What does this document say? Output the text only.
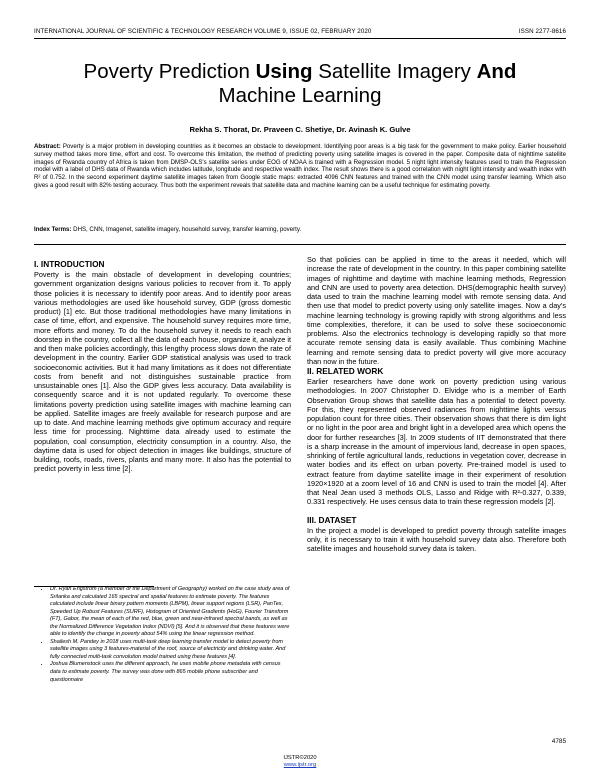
INTERNATIONAL JOURNAL OF SCIENTIFIC & TECHNOLOGY RESEARCH VOLUME 9, ISSUE 02, FEBRUARY 2020	ISSN 2277-8616
Poverty Prediction Using Satellite Imagery And
Machine Learning
Rekha S. Thorat, Dr. Praveen C. Shetiye, Dr. Avinash K. Gulve
Abstract: Poverty is a major problem in developing countries as it becomes an obstacle to development. Identifying poor areas is a big task for the government to make policy. Earlier household survey method takes more time, effort and cost. To overcome this limitation, the method of predicting poverty using satellite images is covered in the paper. Composite data of nighttime satellite images of Rwanda country of Africa is taken from DMSP-OLS's satellite series under EOG of NOAA is trained with a Regression model. 5 night light intensity features used to train the Regression model with a label of DHS data of Rwanda which includes latitude, longitude and respective wealth index. The result shows there is a good correlation with night light intensity and wealth index with R² of 0.752. In the second experiment daytime satellite images taken from Google static maps: extracted 4096 CNN features and trained with the CNN model using transfer learning. Which also gives a good result with 82% testing accuracy. Thus both the experiment reveals that satellite data and machine learning can be a useful technique for estimating poverty.
Index Terms: DHS, CNN, Imagenet, satellite imagery, household survey, transfer learning, poverty.
I. INTRODUCTION

Poverty is the main obstacle of development in developing countries; government organization designs various policies to recover from it. To apply those policies it is necessary to identify poor areas. And to identify poor areas various methodologies are used like household survey, GDP (gross domestic product) [1] etc. But those traditional methodologies have many limitations in case of time, effort, and expensive. The household survey requires more time, more efforts and money. To do the household survey it needs to reach each doorstep in the country, collect all the data of each house, organize it, analyze it and then make policies accordingly, this lengthy process slows down the rate of development in the country. Earlier GDP statistical analysis was used to track socioeconomic activities. But it had many limitations as it does not differentiate costs from benefit and not distinguishes sustainable practice from unsustainable ones [1]. Also the GDP gives less accuracy. Data availability is consequently scarce and it is not updated regularly. To overcome these limitations poverty prediction using satellite images with machine learning can be applied. Satellite images are freely available for research purpose and are up to date. And machine learning methods give optimum accuracy and require less time for processing. Nighttime data already used to estimate the population, coal consumption, electricity consumption in a country. Also, the daytime data is used for object detection in images like buildings, structure of building, roofs, roads, rivers, plants and many more. It also has the potential to predict poverty in less time [2].

• Dr. Ryan Engstrom (a member of the Department of Geography) worked on the case study area of Srilanka and calculated 165 spectral and spatial features to estimate poverty. The features calculated include linear binary pattern moments (LBPM), linear support regions (LSR), PanTex, Speeded Up Robust Features (SURF), Histogram of Oriented Gradients (HoG), Fourier Transform (FT), Gabor, the mean of each of the red, blue, green and near-infrared spectral bands, as well as the Normalized Difference Vegetation Index (NDVI) [5]. And it is observed that these features were able to identify the change in poverty about 54% using the linear regression method.
• Shailesh M. Pandey in 2018 uses multi-task deep learning transfer model to detect poverty from satellite images using 3 features-material of the roof, source of electricity and drinking water. And fully connected multi-task convolution model trained using these features [4].
• Joshua Blumenstock uses the different approach, he uses mobile phone metadata with census data to estimate poverty. The survey was done with 865 mobile phone subscriber and questionnaire

So that policies can be applied in time to the areas it needed, which will increase the rate of development in the country. In this paper combining satellite images of nighttime and daytime with machine learning methods, Regression and CNN are used to poverty area detection. DHS(demographic health survey) data used to train the machine learning model with remote sensing data. And then use that model to predict poverty using only satellite images. Now a day's machine learning technology is growing rapidly with strong algorithms and less time complexities, therefore, it can be used to solve these socioeconomic problems. Also the electronics technology is developing rapidly so that more accurate remote sensing data is easily available. Thus combining Machine learning and remote sensing data to predict poverty will give more accuracy than now in the future.

II. RELATED WORK

Earlier researchers have done work on poverty prediction using various methodologies. In 2007 Christopher D. Elvidge who is a member of Earth Observation Group shows that satellite data has a potential to detect poverty. For this, they represented observed radiances from nighttime lights versus population count for three cities. Their observation shows that there is dim light or no light in the poor area and bright light in a developed area which opens the door for further researches [3]. In 2009 students of IIT demonstrated that there is a sharp increase in the amount of impervious land, decrease in open spaces, shrinking of fertile agricultural lands, reductions in vegetation cover, decrease in water bodies and its effect on urban poverty. Pre-trained model is used to extract feature from daytime satellite image in their experiment of resolution 1920×1920 at a zoom level of 16 and CNN is used to train the model [4]. After that Neal Jean used 3 methods OLS, Lasso and Ridge with R²-0.327, 0.339, 0.331 respectively. He uses census data to train these regression models [2].

III. DATASET

In the project a model is developed to predict poverty through satellite images only, it is necessary to train it with household survey data also. Therefore both satellite images and household survey data is taken.

4785
IJSTR©2020
www.ijstr.org
